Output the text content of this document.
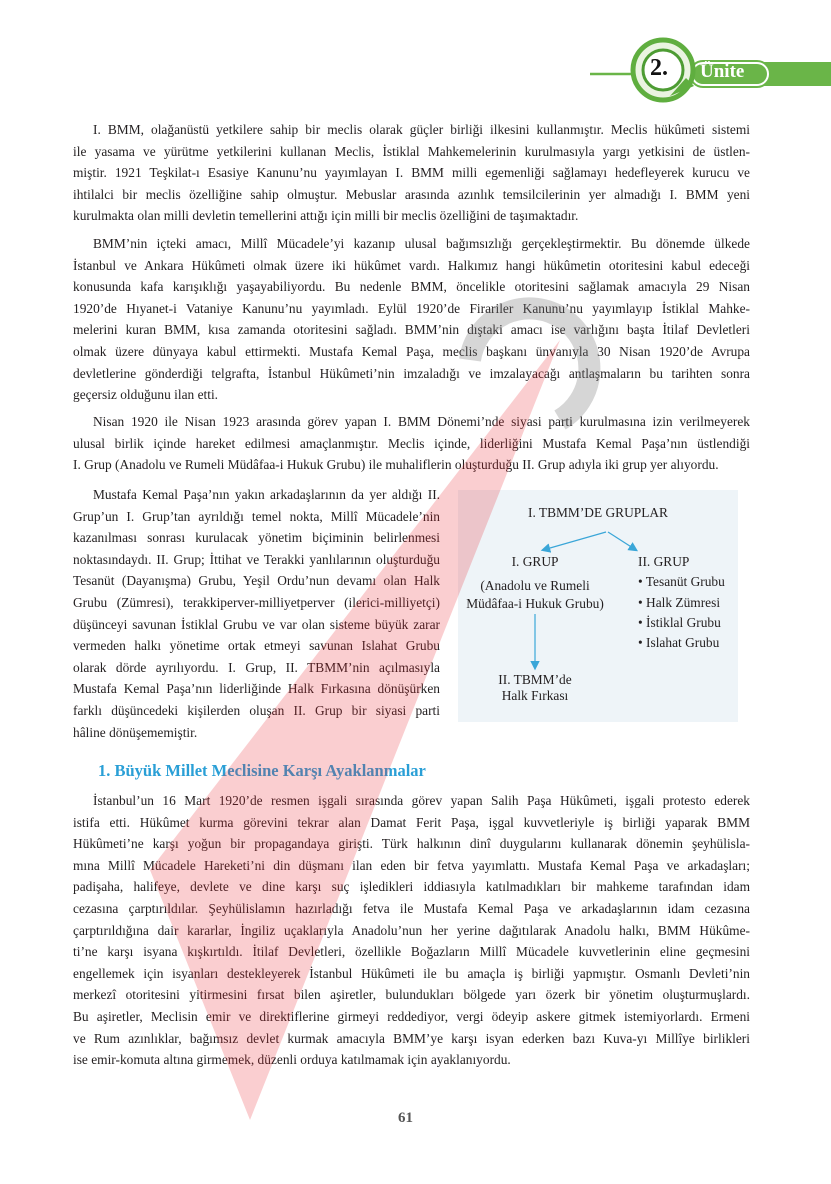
2. Ünite
I. BMM, olağanüstü yetkilere sahip bir meclis olarak güçler birliği ilkesini kullanmıştır. Meclis hükûmeti sistemi
ile yasama ve yürütme yetkilerini kullanan Meclis, İstiklal Mahkemelerinin kurulmasıyla yargı yetkisini de üstlen-
miştir. 1921 Teşkilat-ı Esasiye Kanunu’nu yayımlayan I. BMM milli egemenliği sağlamayı hedefleyerek kurucu ve
ihtilalci bir meclis özelliğine sahip olmuştur. Mebuslar arasında azınlık temsilcilerinin yer almadığı I. BMM yeni
kurulmakta olan milli devletin temellerini attığı için milli bir meclis özelliğini de taşımaktadır.
BMM’nin içteki amacı, Millî Mücadele’yi kazanıp ulusal bağımsızlığı gerçekleştirmektir. Bu dönemde ülkede
İstanbul ve Ankara Hükûmeti olmak üzere iki hükûmet vardı. Halkımız hangi hükûmetin otoritesini kabul edeceği
konusunda kafa karışıklığı yaşayabiliyordu. Bu nedenle BMM, öncelikle otoritesini sağlamak amacıyla 29 Nisan
1920’de Hıyanet-i Vataniye Kanunu’nu yayımladı. Eylül 1920’de Firariler Kanunu’nu yayımlayıp İstiklal Mahke-
melerini kuran BMM, kısa zamanda otoritesini sağladı. BMM’nin dıştaki amacı ise varlığını başta İtilaf Devletleri
olmak üzere dünyaya kabul ettirmekti. Mustafa Kemal Paşa, meclis başkanı ünvanıyla 30 Nisan 1920’de Avrupa
devletlerine gönderdiği telgrafta, İstanbul Hükûmeti’nin imzaladığı ve imzalayacağı antlaşmaların bu tarihten sonra
geçersiz olduğunu ilan etti.
Nisan 1920 ile Nisan 1923 arasında görev yapan I. BMM Dönemi’nde siyasi parti kurulmasına izin verilmeyerek
ulusal birlik içinde hareket edilmesi amaçlanmıştır. Meclis içinde, liderliğini Mustafa Kemal Paşa’nın üstlendiği
I. Grup (Anadolu ve Rumeli Müdâfaa-i Hukuk Grubu) ile muhaliflerin oluşturduğu II. Grup adıyla iki grup yer alıyordu.
Mustafa Kemal Paşa’nın yakın arkadaşlarının da yer aldığı II.
Grup’un I. Grup’tan ayrıldığı temel nokta, Millî Mücadele’nin
kazanılması sonrası kurulacak yönetim biçiminin belirlenmesi
noktasındaydı. II. Grup; İttihat ve Terakki yanlılarının oluşturduğu
Tesanüt (Dayanışma) Grubu, Yeşil Ordu’nun devamı olan Halk
Grubu (Zümresi), terakkiperver-milliyetperver (ilerici-milliyetçi)
düşünceyi savunan İstiklal Grubu ve var olan sisteme büyük zarar
vermeden halkı yönetime ortak etmeyi savunan Islahat Grubu
olarak dörde ayrılıyordu. I. Grup, II. TBMM’nin açılmasıyla
Mustafa Kemal Paşa’nın liderliğinde Halk Fırkasına dönüşürken
farklı düşüncedeki kişilerden oluşan II. Grup bir siyasi parti
hâline dönüşememiştir.
I. TBMM’DE GRUPLAR
I. GRUP
(Anadolu ve Rumeli
Müdâfaa-i Hukuk Grubu)
II. TBMM’de
Halk Fırkası
II. GRUP
• Tesanüt Grubu
• Halk Zümresi
• İstiklal Grubu
• Islahat Grubu
1. Büyük Millet Meclisine Karşı Ayaklanmalar
İstanbul’un 16 Mart 1920’de resmen işgali sırasında görev yapan Salih Paşa Hükûmeti, işgali protesto ederek
istifa etti. Hükûmet kurma görevini tekrar alan Damat Ferit Paşa, işgal kuvvetleriyle iş birliği yaparak BMM
Hükûmeti’ne karşı yoğun bir propagandaya girişti. Türk halkının dinî duygularını kullanarak dönemin şeyhülisla-
mına Millî Mücadele Hareketi’ni din düşmanı ilan eden bir fetva yayımlattı. Mustafa Kemal Paşa ve arkadaşları;
padişaha, halifeye, devlete ve dine karşı suç işledikleri iddiasıyla katılmadıkları bir mahkeme tarafından idam
cezasına çarptırıldılar. Şeyhülislamın hazırladığı fetva ile Mustafa Kemal Paşa ve arkadaşlarının idam cezasına
çarptırıldığına dair kararlar, İngiliz uçaklarıyla Anadolu’nun her yerine dağıtılarak Anadolu halkı, BMM Hükûme-
ti’ne karşı isyana kışkırtıldı. İtilaf Devletleri, özellikle Boğazların Millî Mücadele kuvvetlerinin eline geçmesini
engellemek için isyanları destekleyerek İstanbul Hükûmeti ile bu amaçla iş birliği yapmıştır. Osmanlı Devleti’nin
merkezî otoritesini yitirmesini fırsat bilen aşiretler, bulundukları bölgede yarı özerk bir yönetim oluşturmuşlardı.
Bu aşiretler, Meclisin emir ve direktiflerine girmeyi reddediyor, vergi ödeyip askere gitmek istemiyorlardı. Ermeni
ve Rum azınlıklar, bağımsız devlet kurmak amacıyla BMM’ye karşı isyan ederken bazı Kuva-yı Millîye birlikleri
ise emir-komuta altına girmemek, düzenli orduya katılmamak için ayaklanıyordu.
61
